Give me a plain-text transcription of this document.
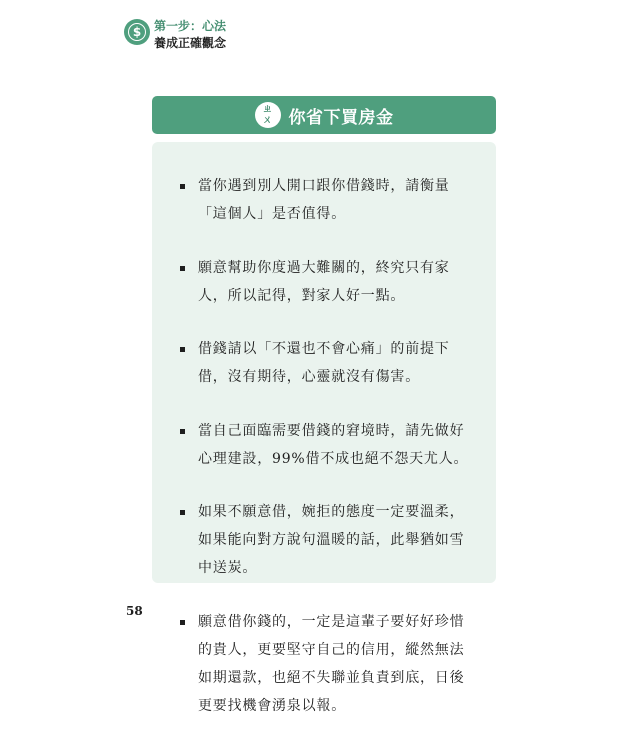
$	第一步：心法
養成正確觀念
ㄓ
ㄨ 你省下買房金
當你遇到別人開口跟你借錢時，請衡量「這個人」是否值得。
願意幫助你度過大難關的，終究只有家人，所以記得，對家人好一點。
借錢請以「不還也不會心痛」的前提下借，沒有期待，心靈就沒有傷害。
當自己面臨需要借錢的窘境時，請先做好心理建設，99%借不成也絕不怨天尤人。
如果不願意借，婉拒的態度一定要溫柔，如果能向對方說句溫暖的話，此舉猶如雪中送炭。
願意借你錢的，一定是這輩子要好好珍惜的貴人，更要堅守自己的信用，縱然無法如期還款，也絕不失聯並負責到底，日後更要找機會湧泉以報。
58
